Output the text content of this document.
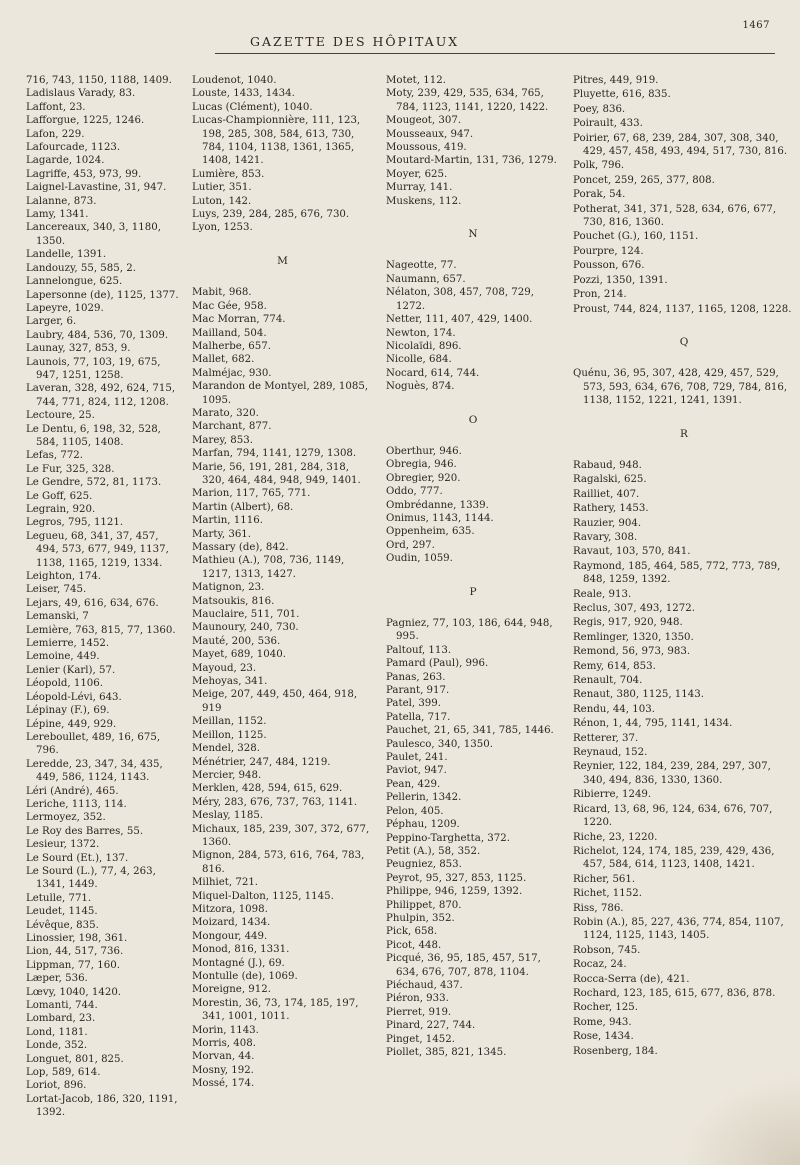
1467
GAZETTE DES HÔPITAUX

716, 743, 1150, 1188, 1409.

Ladislaus Varady, 83.

Laffont, 23.

Lafforgue, 1225, 1246.

Lafon, 229.

Lafourcade, 1123.

Lagarde, 1024.

Lagriffe, 453, 973, 99.

Laignel-Lavastine, 31, 947.

Lalanne, 873.

Lamy, 1341.

Lancereaux, 340, 3, 1180, 1350.

Landelle, 1391.

Landouzy, 55, 585, 2.

Lannelongue, 625.

Lapersonne (de), 1125, 1377.

Lapeyre, 1029.

Larger, 6.

Laubry, 484, 536, 70, 1309.

Launay, 327, 853, 9.

Launois, 77, 103, 19, 675, 947, 1251, 1258.

Laveran, 328, 492, 624, 715, 744, 771, 824, 112, 1208.

Lectoure, 25.

Le Dentu, 6, 198, 32, 528, 584, 1105, 1408.

Lefas, 772.

Le Fur, 325, 328.

Le Gendre, 572, 81, 1173.

Le Goff, 625.

Legrain, 920.

Legros, 795, 1121.

Legueu, 68, 341, 37, 457, 494, 573, 677, 949, 1137, 1138, 1165, 1219, 1334.

Leighton, 174.

Leiser, 745.

Lejars, 49, 616, 634, 676.

Lemanski, 7

Lemière, 763, 815, 77, 1360.

Lemierre, 1452.

Lemoine, 449.

Lenier (Karl), 57.

Léopold, 1106.

Léopold-Lévi, 643.

Lépinay (F.), 69.

Lépine, 449, 929.

Lereboullet, 489, 16, 675, 796.

Leredde, 23, 347, 34, 435, 449, 586, 1124, 1143.

Léri (André), 465.

Leriche, 1113, 114.

Lermoyez, 352.

Le Roy des Barres, 55.

Lesieur, 1372.

Le Sourd (Et.), 137.

Le Sourd (L.), 77, 4, 263, 1341, 1449.

Letulle, 771.

Leudet, 1145.

Lévêque, 835.

Linossier, 198, 361.

Lion, 44, 517, 736.

Lippman, 77, 160.

Læper, 536.

Lœvy, 1040, 1420.

Lomanti, 744.

Lombard, 23.

Lond, 1181.

Londe, 352.

Longuet, 801, 825.

Lop, 589, 614.

Loriot, 896.

Lortat-Jacob, 186, 320, 1191, 1392.

Loudenot, 1040.

Louste, 1433, 1434.

Lucas (Clément), 1040.

Lucas-Championnière, 111, 123, 198, 285, 308, 584, 613, 730, 784, 1104, 1138, 1361, 1365, 1408, 1421.

Lumière, 853.

Lutier, 351.

Luton, 142.

Luys, 239, 284, 285, 676, 730.

Lyon, 1253.

M

Mabit, 968.

Mac Gée, 958.

Mac Morran, 774.

Mailland, 504.

Malherbe, 657.

Mallet, 682.

Malméjac, 930.

Marandon de Montyel, 289, 1085, 1095.

Marato, 320.

Marchant, 877.

Marey, 853.

Marfan, 794, 1141, 1279, 1308.

Marie, 56, 191, 281, 284, 318, 320, 464, 484, 948, 949, 1401.

Marion, 117, 765, 771.

Martin (Albert), 68.

Martin, 1116.

Marty, 361.

Massary (de), 842.

Mathieu (A.), 708, 736, 1149, 1217, 1313, 1427.

Matignon, 23.

Matsoukis, 816.

Mauclaire, 511, 701.

Maunoury, 240, 730.

Mauté, 200, 536.

Mayet, 689, 1040.

Mayoud, 23.

Mehoyas, 341.

Meige, 207, 449, 450, 464, 918, 919

Meillan, 1152.

Meillon, 1125.

Mendel, 328.

Ménétrier, 247, 484, 1219.

Mercier, 948.

Merklen, 428, 594, 615, 629.

Méry, 283, 676, 737, 763, 1141.

Meslay, 1185.

Michaux, 185, 239, 307, 372, 677, 1360.

Mignon, 284, 573, 616, 764, 783, 816.

Milhiet, 721.

Miquel-Dalton, 1125, 1145.

Mitzora, 1098.

Moizard, 1434.

Mongour, 449.

Monod, 816, 1331.

Montagné (J.), 69.

Montulle (de), 1069.

Moreigne, 912.

Morestin, 36, 73, 174, 185, 197, 341, 1001, 1011.

Morin, 1143.

Morris, 408.

Morvan, 44.

Mosny, 192.

Mossé, 174.

Motet, 112.

Moty, 239, 429, 535, 634, 765, 784, 1123, 1141, 1220, 1422.

Mougeot, 307.

Mousseaux, 947.

Moussous, 419.

Moutard-Martin, 131, 736, 1279.

Moyer, 625.

Murray, 141.

Muskens, 112.

N

Nageotte, 77.

Naumann, 657.

Nélaton, 308, 457, 708, 729, 1272.

Netter, 111, 407, 429, 1400.

Newton, 174.

Nicolaïdi, 896.

Nicolle, 684.

Nocard, 614, 744.

Noguès, 874.

O

Oberthur, 946.

Obregia, 946.

Obregier, 920.

Oddo, 777.

Ombrédanne, 1339.

Onimus, 1143, 1144.

Oppenheim, 635.

Ord, 297.

Oudin, 1059.

P

Pagniez, 77, 103, 186, 644, 948, 995.

Paltouf, 113.

Pamard (Paul), 996.

Panas, 263.

Parant, 917.

Patel, 399.

Patella, 717.

Pauchet, 21, 65, 341, 785, 1446.

Paulesco, 340, 1350.

Paulet, 241.

Paviot, 947.

Pean, 429.

Pellerin, 1342.

Pelon, 405.

Péphau, 1209.

Peppino-Targhetta, 372.

Petit (A.), 58, 352.

Peugniez, 853.

Peyrot, 95, 327, 853, 1125.

Philippe, 946, 1259, 1392.

Philippet, 870.

Phulpin, 352.

Pick, 658.

Picot, 448.

Picqué, 36, 95, 185, 457, 517, 634, 676, 707, 878, 1104.

Piéchaud, 437.

Piéron, 933.

Pierret, 919.

Pinard, 227, 744.

Pinget, 1452.

Piollet, 385, 821, 1345.

Pitres, 449, 919.

Pluyette, 616, 835.

Poey, 836.

Poirault, 433.

Poirier, 67, 68, 239, 284, 307, 308, 340, 429, 457, 458, 493, 494, 517, 730, 816.

Polk, 796.

Poncet, 259, 265, 377, 808.

Porak, 54.

Potherat, 341, 371, 528, 634, 676, 677, 730, 816, 1360.

Pouchet (G.), 160, 1151.

Pourpre, 124.

Pousson, 676.

Pozzi, 1350, 1391.

Pron, 214.

Proust, 744, 824, 1137, 1165, 1208, 1228.

Q

Quénu, 36, 95, 307, 428, 429, 457, 529, 573, 593, 634, 676, 708, 729, 784, 816, 1138, 1152, 1221, 1241, 1391.

R

Rabaud, 948.

Ragalski, 625.

Railliet, 407.

Rathery, 1453.

Rauzier, 904.

Ravary, 308.

Ravaut, 103, 570, 841.

Raymond, 185, 464, 585, 772, 773, 789, 848, 1259, 1392.

Reale, 913.

Reclus, 307, 493, 1272.

Regis, 917, 920, 948.

Remlinger, 1320, 1350.

Remond, 56, 973, 983.

Remy, 614, 853.

Renault, 704.

Renaut, 380, 1125, 1143.

Rendu, 44, 103.

Rénon, 1, 44, 795, 1141, 1434.

Retterer, 37.

Reynaud, 152.

Reynier, 122, 184, 239, 284, 297, 307, 340, 494, 836, 1330, 1360.

Ribierre, 1249.

Ricard, 13, 68, 96, 124, 634, 676, 707, 1220.

Riche, 23, 1220.

Richelot, 124, 174, 185, 239, 429, 436, 457, 584, 614, 1123, 1408, 1421.

Richer, 561.

Richet, 1152.

Riss, 786.

Robin (A.), 85, 227, 436, 774, 854, 1107, 1124, 1125, 1143, 1405.

Robson, 745.

Rocaz, 24.

Rocca-Serra (de), 421.

Rochard, 123, 185, 615, 677, 836, 878.

Rocher, 125.

Rome, 943.

Rose, 1434.

Rosenberg, 184.
